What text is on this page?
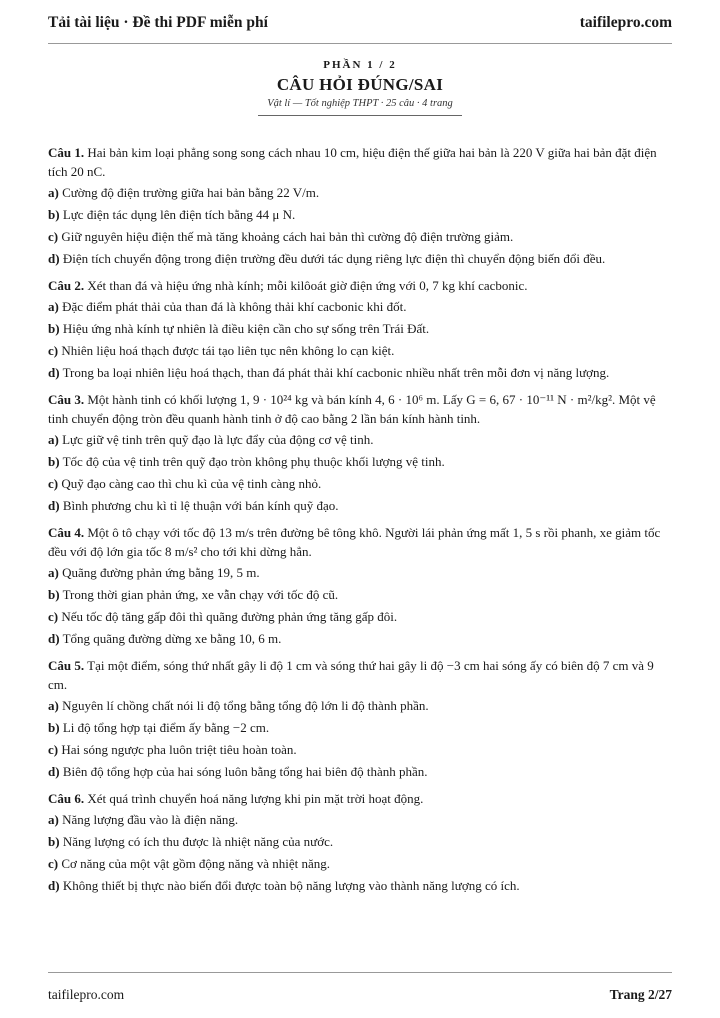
Tải tài liệu · Đề thi PDF miễn phí	taifilepro.com
PHẦN 1 / 2
CÂU HỎI ĐÚNG/SAI
Vật lí — Tốt nghiệp THPT · 25 câu · 4 trang
Câu 1. Hai bản kim loại phẳng song song cách nhau 10 cm, hiệu điện thế giữa hai bản là 220 V giữa hai bản đặt điện tích 20 nC.
a) Cường độ điện trường giữa hai bản bằng 22 V/m.
b) Lực điện tác dụng lên điện tích bằng 44 μ N.
c) Giữ nguyên hiệu điện thế mà tăng khoảng cách hai bản thì cường độ điện trường giảm.
d) Điện tích chuyển động trong điện trường đều dưới tác dụng riêng lực điện thì chuyển động biến đổi đều.
Câu 2. Xét than đá và hiệu ứng nhà kính; mỗi kilôoát giờ điện ứng với 0, 7 kg khí cacbonic.
a) Đặc điểm phát thải của than đá là không thải khí cacbonic khi đốt.
b) Hiệu ứng nhà kính tự nhiên là điều kiện cần cho sự sống trên Trái Đất.
c) Nhiên liệu hoá thạch được tái tạo liên tục nên không lo cạn kiệt.
d) Trong ba loại nhiên liệu hoá thạch, than đá phát thải khí cacbonic nhiều nhất trên mỗi đơn vị năng lượng.
Câu 3. Một hành tinh có khối lượng 1, 9 · 10²⁴ kg và bán kính 4, 6 · 10⁶ m. Lấy G = 6, 67 · 10⁻¹¹ N · m²/kg². Một vệ tinh chuyển động tròn đều quanh hành tinh ở độ cao bằng 2 lần bán kính hành tinh.
a) Lực giữ vệ tinh trên quỹ đạo là lực đẩy của động cơ vệ tinh.
b) Tốc độ của vệ tinh trên quỹ đạo tròn không phụ thuộc khối lượng vệ tinh.
c) Quỹ đạo càng cao thì chu kì của vệ tinh càng nhỏ.
d) Bình phương chu kì tỉ lệ thuận với bán kính quỹ đạo.
Câu 4. Một ô tô chạy với tốc độ 13 m/s trên đường bê tông khô. Người lái phản ứng mất 1, 5 s rồi phanh, xe giảm tốc đều với độ lớn gia tốc 8 m/s² cho tới khi dừng hẳn.
a) Quãng đường phản ứng bằng 19, 5 m.
b) Trong thời gian phản ứng, xe vẫn chạy với tốc độ cũ.
c) Nếu tốc độ tăng gấp đôi thì quãng đường phản ứng tăng gấp đôi.
d) Tổng quãng đường dừng xe bằng 10, 6 m.
Câu 5. Tại một điểm, sóng thứ nhất gây li độ 1 cm và sóng thứ hai gây li độ −3 cm hai sóng ấy có biên độ 7 cm và 9 cm.
a) Nguyên lí chồng chất nói li độ tổng bằng tổng độ lớn li độ thành phần.
b) Li độ tổng hợp tại điểm ấy bằng −2 cm.
c) Hai sóng ngược pha luôn triệt tiêu hoàn toàn.
d) Biên độ tổng hợp của hai sóng luôn bằng tổng hai biên độ thành phần.
Câu 6. Xét quá trình chuyển hoá năng lượng khi pin mặt trời hoạt động.
a) Năng lượng đầu vào là điện năng.
b) Năng lượng có ích thu được là nhiệt năng của nước.
c) Cơ năng của một vật gồm động năng và nhiệt năng.
d) Không thiết bị thực nào biến đổi được toàn bộ năng lượng vào thành năng lượng có ích.
taifilepro.com	Trang 2/27
